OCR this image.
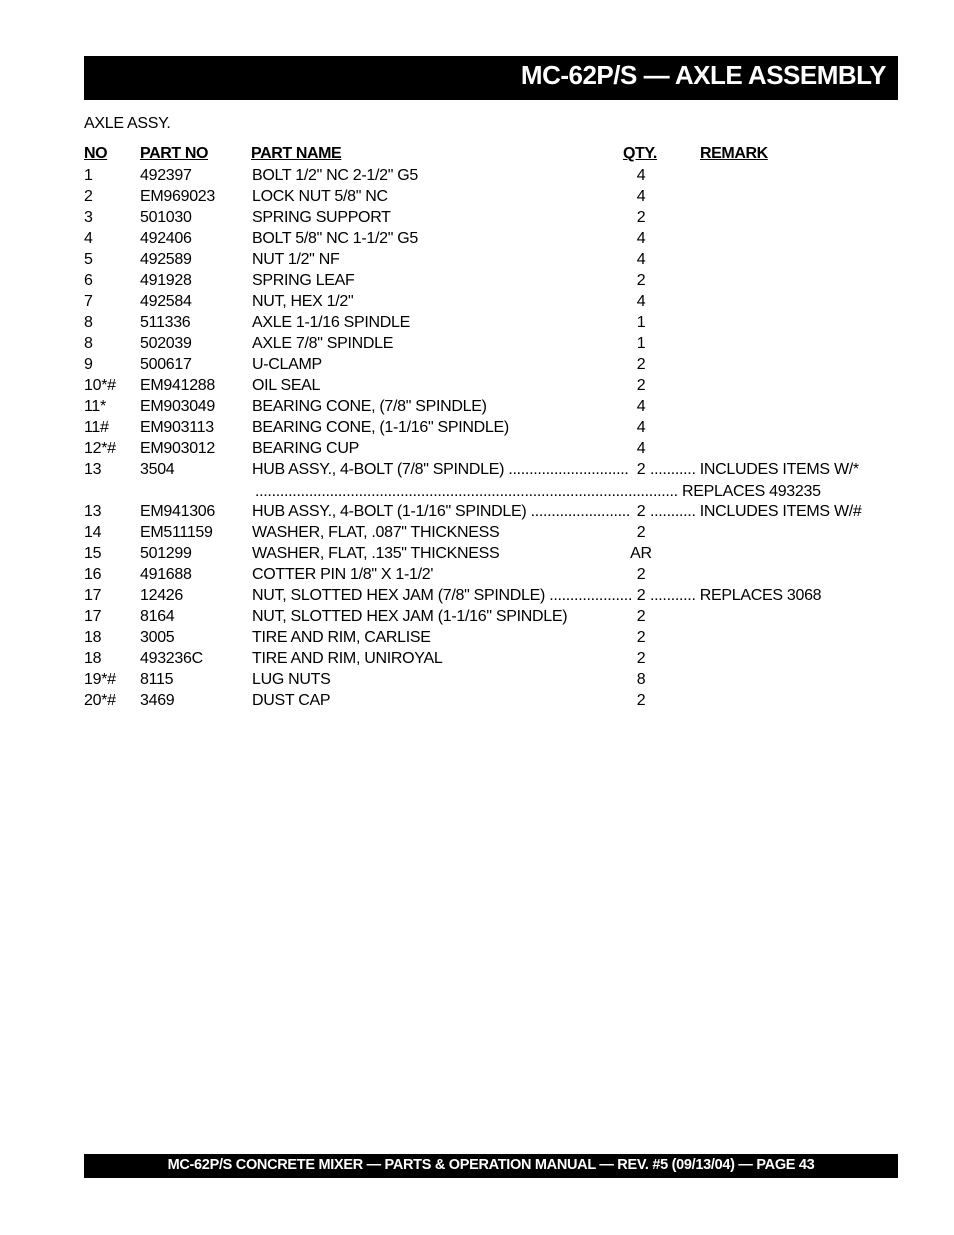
MC-62P/S — AXLE ASSEMBLY
AXLE ASSY.
NO PART NO	PART NAME	QTY.	REMARK
1	492397	BOLT 1/2" NC 2-1/2" G5	4
2	EM969023 LOCK NUT 5/8" NC	4
3	501030	SPRING SUPPORT	2
4	492406	BOLT 5/8" NC 1-1/2" G5	4
5	492589	NUT 1/2" NF	4
6	491928	SPRING LEAF	2
7	492584	NUT, HEX 1/2"	4
8	511336	AXLE 1-1/16 SPINDLE	1
8	502039	AXLE 7/8" SPINDLE	1
9	500617	U-CLAMP	2
10*# EM941288 OIL SEAL	2
11* EM903049 BEARING CONE, (7/8" SPINDLE)	4
11# EM903113 BEARING CONE, (1-1/16" SPINDLE)	4
12*# EM903012 BEARING CUP	4
13 3504	HUB ASSY., 4-BOLT (7/8" SPINDLE) ............................. 2 ........... INCLUDES ITEMS W/*
...................................................................................................... REPLACES 493235
13 EM941306 HUB ASSY., 4-BOLT (1-1/16" SPINDLE) ........................ 2 ........... INCLUDES ITEMS W/#
14 EM511159 WASHER, FLAT, .087" THICKNESS	2
15 501299	WASHER, FLAT, .135" THICKNESS	AR
16 491688	COTTER PIN 1/8" X 1-1/2'	2
17 12426	NUT, SLOTTED HEX JAM (7/8" SPINDLE) .................... 2 ........... REPLACES 3068
17 8164	NUT, SLOTTED HEX JAM (1-1/16" SPINDLE)	2
18 3005	TIRE AND RIM, CARLISE	2
18 493236C	TIRE AND RIM, UNIROYAL	2
19*# 8115	LUG NUTS	8
20*# 3469	DUST CAP	2
MC-62P/S CONCRETE MIXER — PARTS & OPERATION MANUAL — REV. #5 (09/13/04) — PAGE 43
